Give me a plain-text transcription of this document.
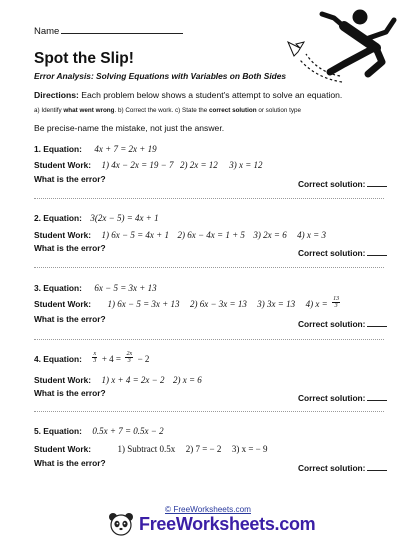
Name
Spot the Slip!
Error Analysis: Solving Equations with Variables on Both Sides
Directions: Each problem below shows a student's attempt to solve an equation.
a) Identify what went wrong. b) Correct the work. c) State the correct solution or solution type
Be precise-name the mistake, not just the answer.
1. Equation: 4x + 7 = 2x + 19
Student Work: 1) 4x − 2x = 19 − 7 2) 2x = 12 3) x = 12
What is the error?	Correct solution:
2. Equation: 3(2x − 5) = 4x + 1
Student Work: 1) 6x − 5 = 4x + 1 2) 6x − 4x = 1 + 5 3) 2x = 6 4) x = 3
What is the error?	Correct solution:
3. Equation: 6x − 5 = 3x + 13
Student Work: 1) 6x − 5 = 3x + 13 2) 6x − 3x = 13 3) 3x = 13 4) $x = \frac{13}{3}$
What is the error?	Correct solution:
4. Equation: $\frac{x}{3} + 4 = \frac{2x}{3} - 2$
Student Work: 1) x + 4 = 2x − 2 2) x = 6
What is the error?	Correct solution:
5. Equation: 0.5x + 7 = 0.5x − 2
Student Work:	1) Subtract 0.5x 2) 7 = − 2 3) x = − 9
What is the error?	Correct solution:
© FreeWorksheets.com
FreeWorksheets.com
